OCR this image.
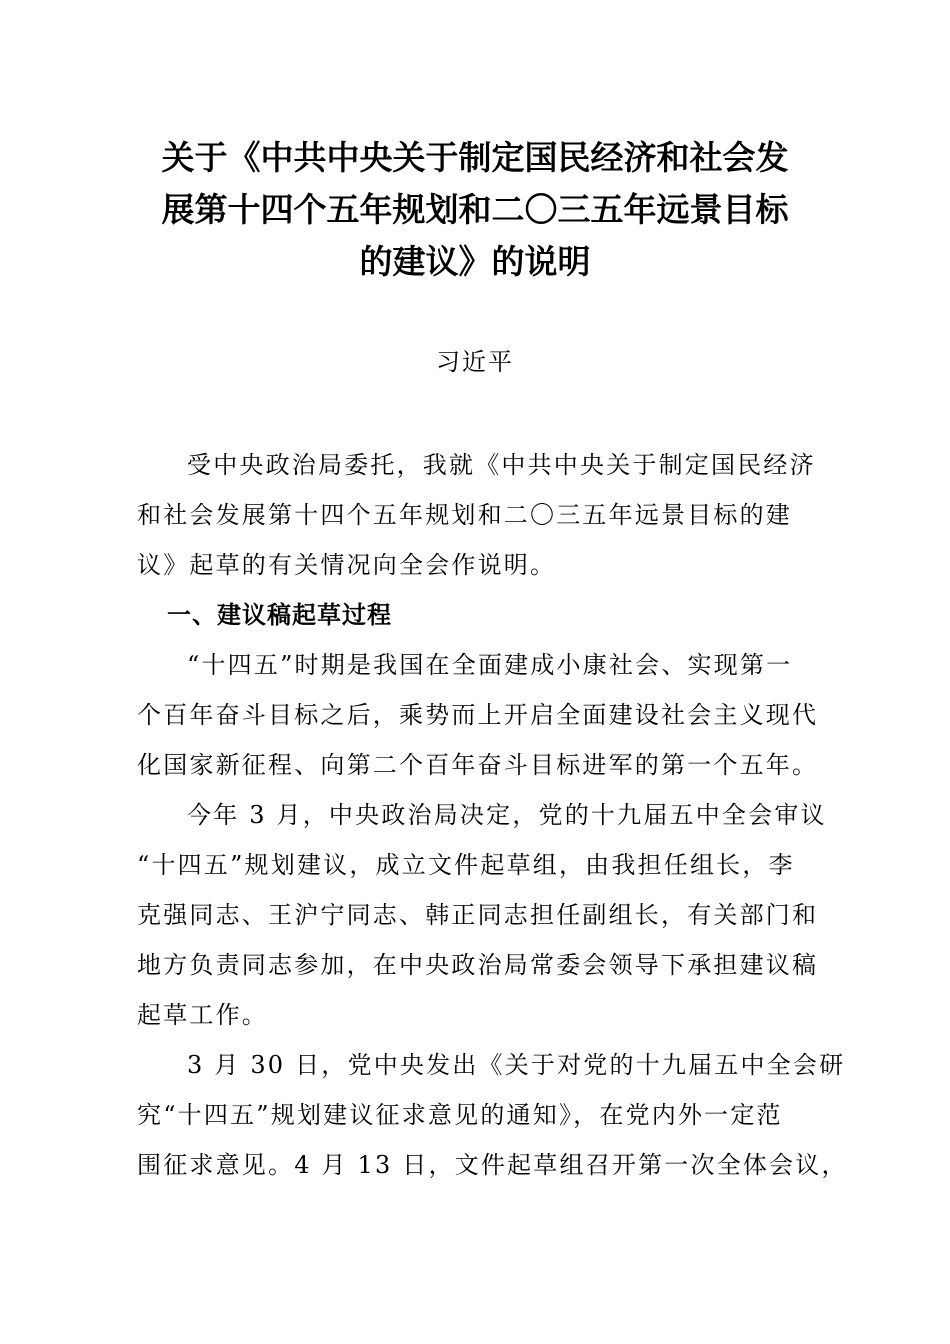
关于《中共中央关于制定国民经济和社会发
展第十四个五年规划和二〇三五年远景目标
的建议》的说明
习近平
受中央政治局委托，我就《中共中央关于制定国民经济
和社会发展第十四个五年规划和二〇三五年远景目标的建
议》起草的有关情况向全会作说明。
一、建议稿起草过程
“十四五”时期是我国在全面建成小康社会、实现第一
个百年奋斗目标之后，乘势而上开启全面建设社会主义现代
化国家新征程、向第二个百年奋斗目标进军的第一个五年。
今年 3 月，中央政治局决定，党的十九届五中全会审议
“十四五”规划建议，成立文件起草组，由我担任组长，李
克强同志、王沪宁同志、韩正同志担任副组长，有关部门和
地方负责同志参加，在中央政治局常委会领导下承担建议稿
起草工作。
3 月 30 日，党中央发出《关于对党的十九届五中全会研
究“十四五”规划建议征求意见的通知》，在党内外一定范
围征求意见。4 月 13 日，文件起草组召开第一次全体会议，
